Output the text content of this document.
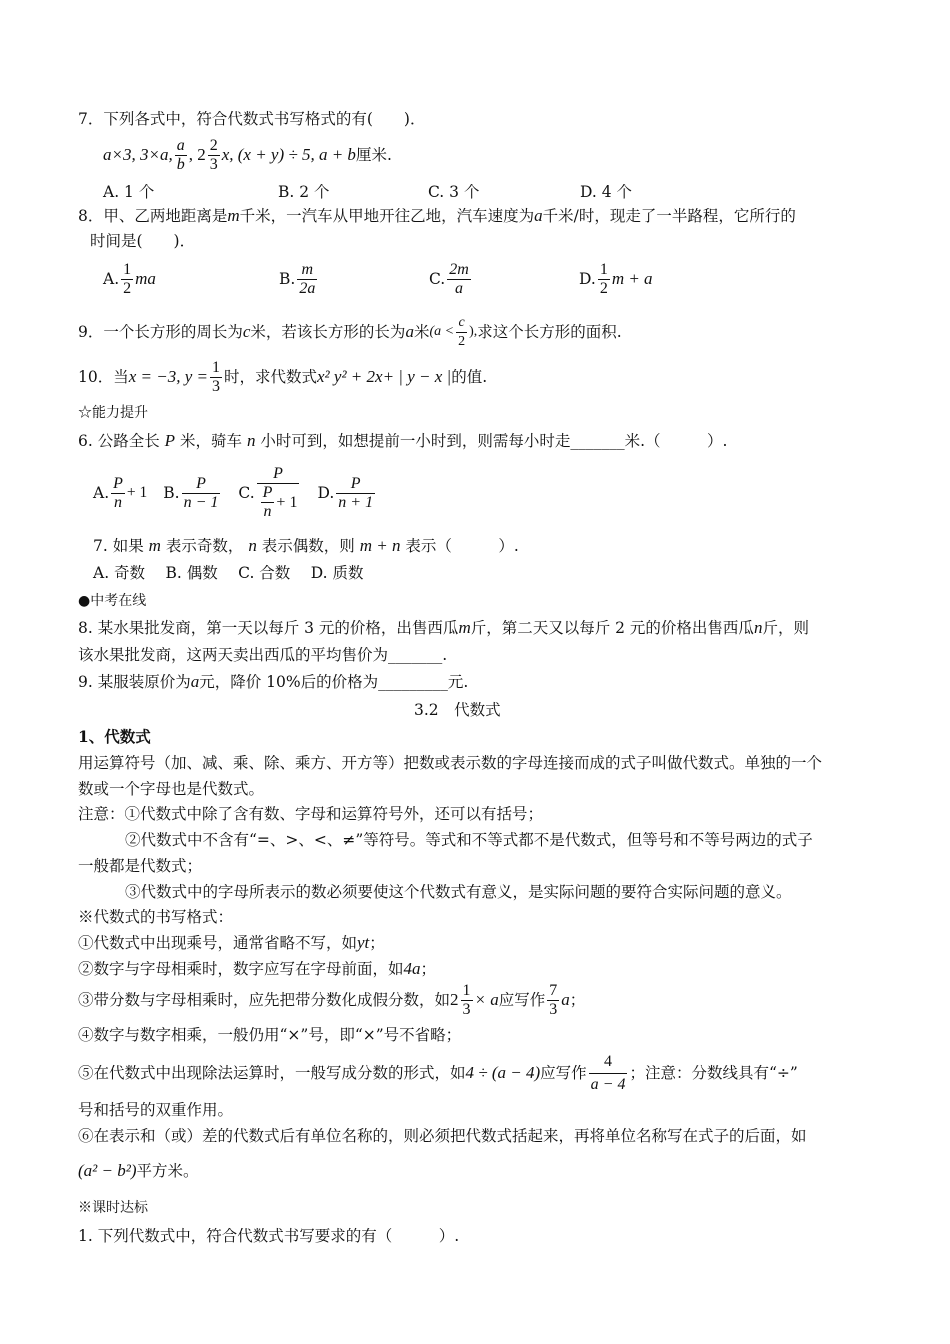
7．下列各式中，符合代数式书写格式的有(　　)．
a×3, 3×a, $\frac{a}{b}$ , $2 \frac{2}{3} x$, (x + y) ÷ 5, a + b 厘米.
A. 1 个	B. 2 个	C. 3 个	D. 4 个
8．甲、乙两地距离是m千米，一汽车从甲地开往乙地，汽车速度为a千米/时，现走了一半路程，它所行的
时间是(　　)．
A. $\frac{1}{2}$ ma	B. $\frac{m}{2a}$	C. $\frac{2m}{a}$	D. $\frac{1}{2}$ m + a
9．一个长方形的周长为 c 米，若该长方形的长为 a 米 ($a < \frac{c}{2}$ ), 求这个长方形的面积.
10．当 x = −3, $y = \frac{1}{3}$ 时，求代数式 x² y² + 2x+ | y − x | 的值.
☆能力提升
6. 公路全长 P 米，骑车 n 小时可到，如想提前一小时到，则需每小时走_______米.（　　　）.
A. $\frac{P}{n} + 1$ B. $\frac{P}{n - 1} C$. $\frac{P}{\frac{P}{n} + 1} D$. $\frac{P}{n + 1}$
7. 如果 m 表示奇数， n 表示偶数，则 m + n 表示（　　　）.
A. 奇数　 B. 偶数　 C. 合数　 D. 质数
●中考在线
8. 某水果批发商，第一天以每斤 3 元的价格，出售西瓜m斤，第二天又以每斤 2 元的价格出售西瓜n斤，则
该水果批发商，这两天卖出西瓜的平均售价为_______.
9. 某服装原价为a元，降价 10%后的价格为_________元.
3.2　代数式
1、代数式
用运算符号（加、减、乘、除、乘方、开方等）把数或表示数的字母连接而成的式子叫做代数式。单独的一个
数或一个字母也是代数式。
注意：①代数式中除了含有数、字母和运算符号外，还可以有括号；
②代数式中不含有“=、>、<、≠”等符号。等式和不等式都不是代数式，但等号和不等号两边的式子
一般都是代数式；
③代数式中的字母所表示的数必须要使这个代数式有意义，是实际问题的要符合实际问题的意义。
※代数式的书写格式：
①代数式中出现乘号，通常省略不写，如yt；
②数字与字母相乘时，数字应写在字母前面，如4a；
③带分数与字母相乘时，应先把带分数化成假分数，如 $2 \frac{1}{3} \times a$ 应写作 $\frac{7}{3}$ a ；
④数字与数字相乘，一般仍用“×”号，即“×”号不省略；
⑤在代数式中出现除法运算时，一般写成分数的形式，如 4 ÷ (a − 4) 应写作 $\frac{4}{a - 4}$ ；注意：分数线具有“÷”
号和括号的双重作用。
⑥在表示和（或）差的代数式后有单位名称的，则必须把代数式括起来，再将单位名称写在式子的后面，如
(a² − b²)平方米。
※课时达标
1. 下列代数式中，符合代数式书写要求的有（　　　）.
